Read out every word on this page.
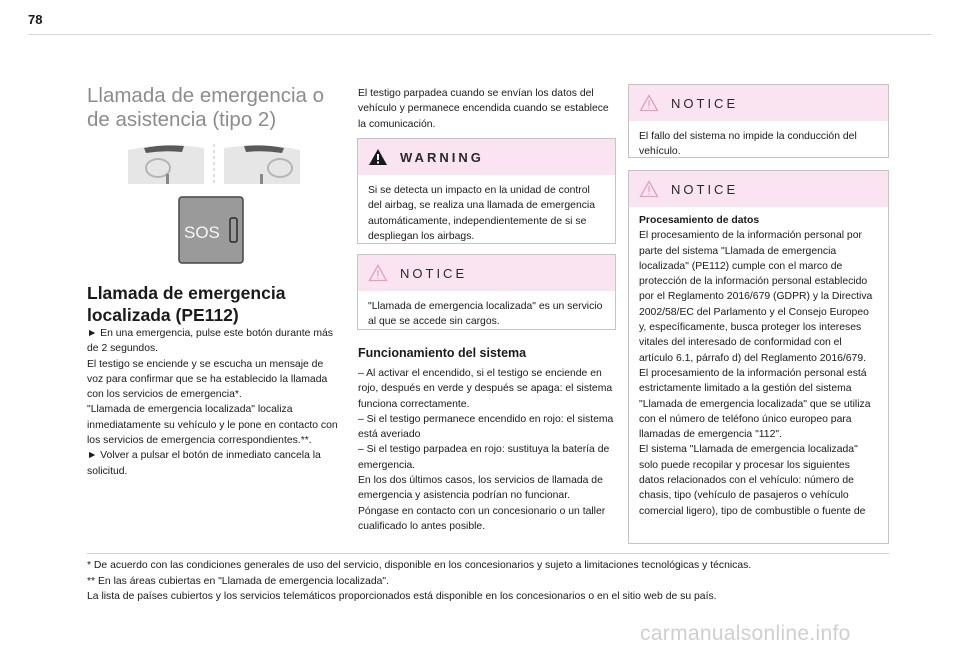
78
Llamada de emergencia o de asistencia (tipo 2)
SOS
Llamada de emergencia localizada (PE112)

► En una emergencia, pulse este botón durante más de 2 segundos.

El testigo se enciende y se escucha un mensaje de voz para confirmar que se ha establecido la llamada con los servicios de emergencia*.

"Llamada de emergencia localizada" localiza inmediatamente su vehículo y le pone en contacto con los servicios de emergencia correspondientes.**.

► Volver a pulsar el botón de inmediato cancela la solicitud.

El testigo parpadea cuando se envían los datos del vehículo y permanece encendida cuando se establece la comunicación.
WARNING
Si se detecta un impacto en la unidad de control del airbag, se realiza una llamada de emergencia automáticamente, independientemente de si se despliegan los airbags.
NOTICE
"Llamada de emergencia localizada" es un servicio al que se accede sin cargos.
Funcionamiento del sistema

– Al activar el encendido, si el testigo se enciende en rojo, después en verde y después se apaga: el sistema funciona correctamente.

– Si el testigo permanece encendido en rojo: el sistema está averiado

– Si el testigo parpadea en rojo: sustituya la batería de emergencia.

En los dos últimos casos, los servicios de llamada de emergencia y asistencia podrían no funcionar.

Póngase en contacto con un concesionario o un taller cualificado lo antes posible.

NOTICE
El fallo del sistema no impide la conducción del vehículo.
NOTICE
Procesamiento de datos
El procesamiento de la información personal por parte del sistema "Llamada de emergencia localizada" (PE112) cumple con el marco de protección de la información personal establecido por el Reglamento 2016/679 (GDPR) y la Directiva 2002/58/EC del Parlamento y el Consejo Europeo y, específicamente, busca proteger los intereses vitales del interesado de conformidad con el artículo 6.1, párrafo d) del Reglamento 2016/679.
El procesamiento de la información personal está estrictamente limitado a la gestión del sistema "Llamada de emergencia localizada" que se utiliza con el número de teléfono único europeo para llamadas de emergencia "112".
El sistema "Llamada de emergencia localizada" solo puede recopilar y procesar los siguientes datos relacionados con el vehículo: número de chasis, tipo (vehículo de pasajeros o vehículo comercial ligero), tipo de combustible o fuente de

* De acuerdo con las condiciones generales de uso del servicio, disponible en los concesionarios y sujeto a limitaciones tecnológicas y técnicas.

** En las áreas cubiertas en "Llamada de emergencia localizada".

La lista de países cubiertos y los servicios telemáticos proporcionados está disponible en los concesionarios o en el sitio web de su país.

carmanualsonline.info
